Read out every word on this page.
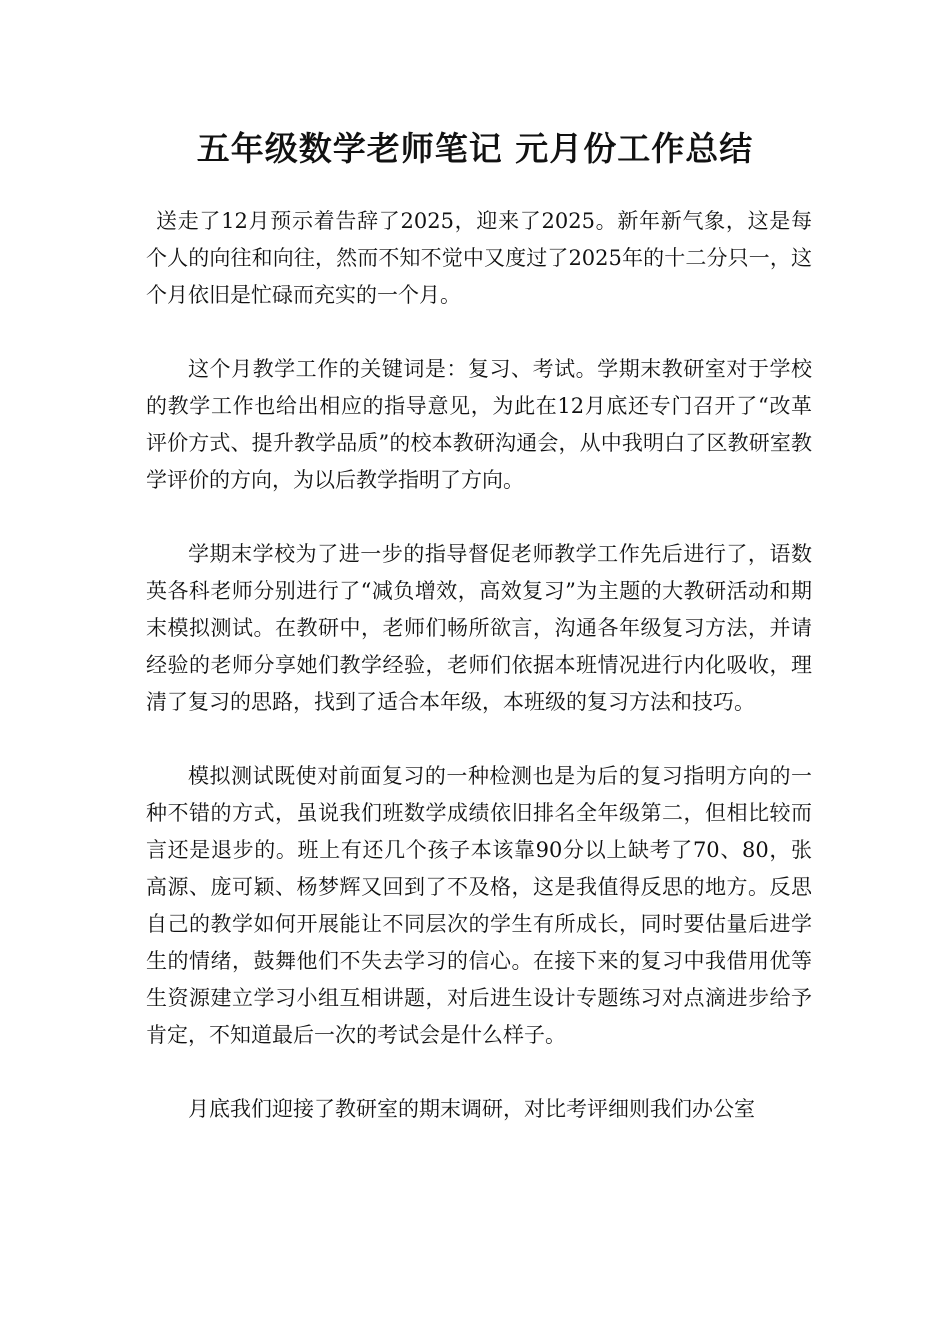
五年级数学老师笔记 元月份工作总结

送走了12月预示着告辞了2025，迎来了2025。新年新气象，这是每个人的向往和向往，然而不知不觉中又度过了2025年的十二分只一，这个月依旧是忙碌而充实的一个月。

这个月教学工作的关键词是：复习、考试。学期末教研室对于学校的教学工作也给出相应的指导意见，为此在12月底还专门召开了“改革评价方式、提升教学品质”的校本教研沟通会，从中我明白了区教研室教学评价的方向，为以后教学指明了方向。

学期末学校为了进一步的指导督促老师教学工作先后进行了，语数英各科老师分别进行了“减负增效，高效复习”为主题的大教研活动和期末模拟测试。在教研中，老师们畅所欲言，沟通各年级复习方法，并请经验的老师分享她们教学经验，老师们依据本班情况进行内化吸收，理清了复习的思路，找到了适合本年级，本班级的复习方法和技巧。

模拟测试既使对前面复习的一种检测也是为后的复习指明方向的一种不错的方式，虽说我们班数学成绩依旧排名全年级第二，但相比较而言还是退步的。班上有还几个孩子本该靠90分以上缺考了70、80，张高源、庞可颖、杨梦辉又回到了不及格，这是我值得反思的地方。反思自己的教学如何开展能让不同层次的学生有所成长，同时要估量后进学生的情绪，鼓舞他们不失去学习的信心。在接下来的复习中我借用优等生资源建立学习小组互相讲题，对后进生设计专题练习对点滴进步给予肯定，不知道最后一次的考试会是什么样子。

月底我们迎接了教研室的期末调研，对比考评细则我们办公室
